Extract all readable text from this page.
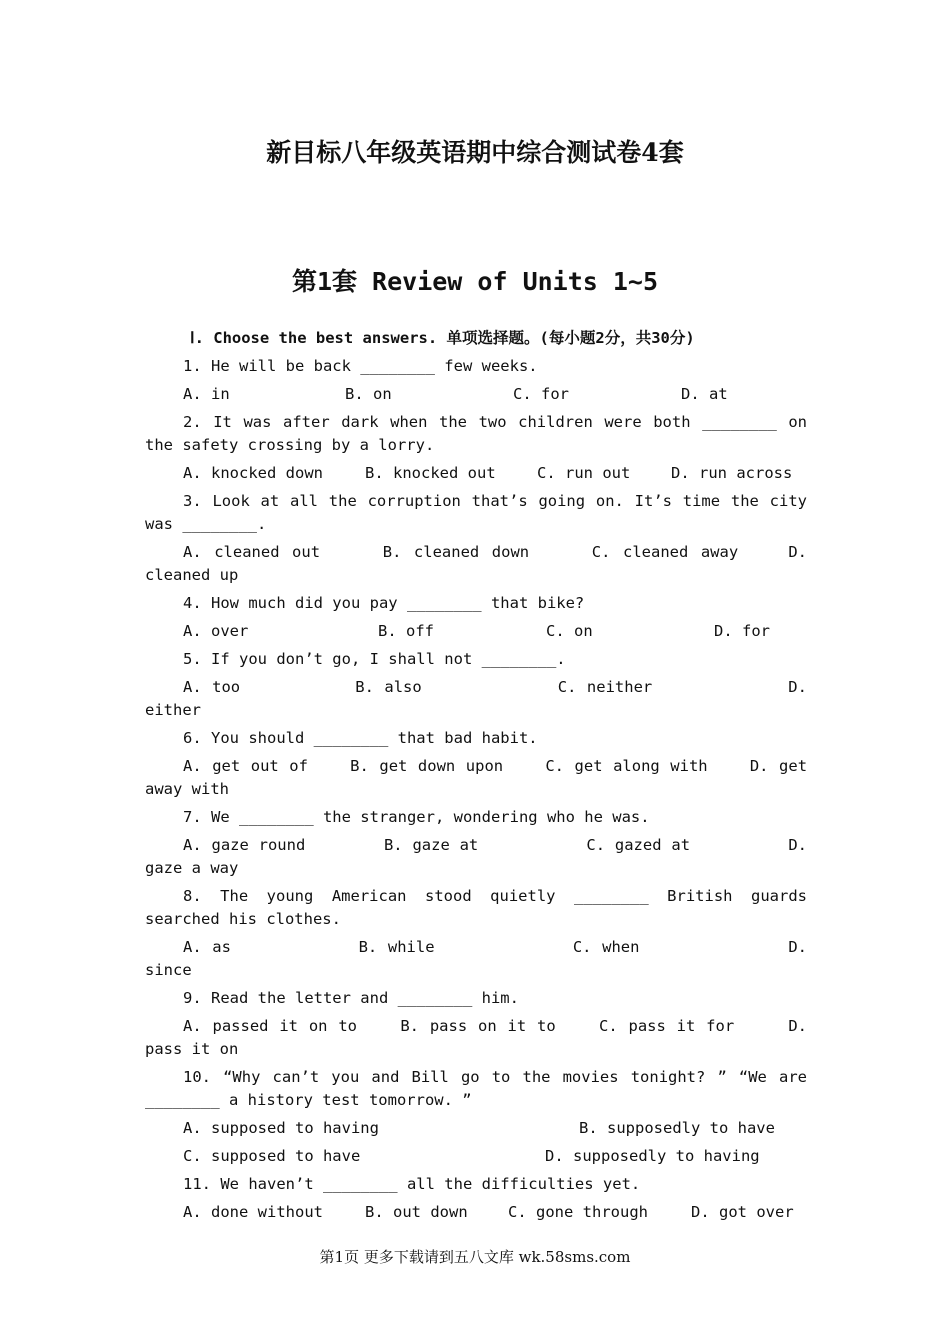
新目标八年级英语期中综合测试卷4套
第1套 Review of Units 1~5
Ⅰ. Choose the best answers. 单项选择题。(每小题2分，共30分)
1. He will be back ________ few weeks.
A. in	B. on	C. for	D. at
2. It was after dark when the two children were both ________ on the safety crossing by a lorry.
A. knocked down	B. knocked out	C. run out	D. run across
3. Look at all the corruption that’s going on. It’s time the city was ________.
A. cleaned out	B. cleaned down	C. cleaned away	D. cleaned up
4. How much did you pay ________ that bike?
A. over	B. off	C. on	D. for
5. If you don’t go, I shall not ________.
A. too	B. also	C. neither	D. either
6. You should ________ that bad habit.
A. get out of	B. get down upon	C. get along with	D. get away with
7. We ________ the stranger, wondering who he was.
A. gaze round	B. gaze at	C. gazed at	D. gaze a way
8. The young American stood quietly ________ British guards searched his clothes.
A. as	B. while	C. when	D. since
9. Read the letter and ________ him.
A. passed it on to	B. pass on it to	C. pass it for	D. pass it on
10. “Why can’t you and Bill go to the movies tonight? ” “We are ________ a history test tomorrow. ”
A. supposed to having	B. supposedly to have
C. supposed to have	D. supposedly to having
11. We haven’t ________ all the difficulties yet.
A. done without	B. out down	C. gone through	D. got over
第1页 更多下载请到五八文库 wk.58sms.com
